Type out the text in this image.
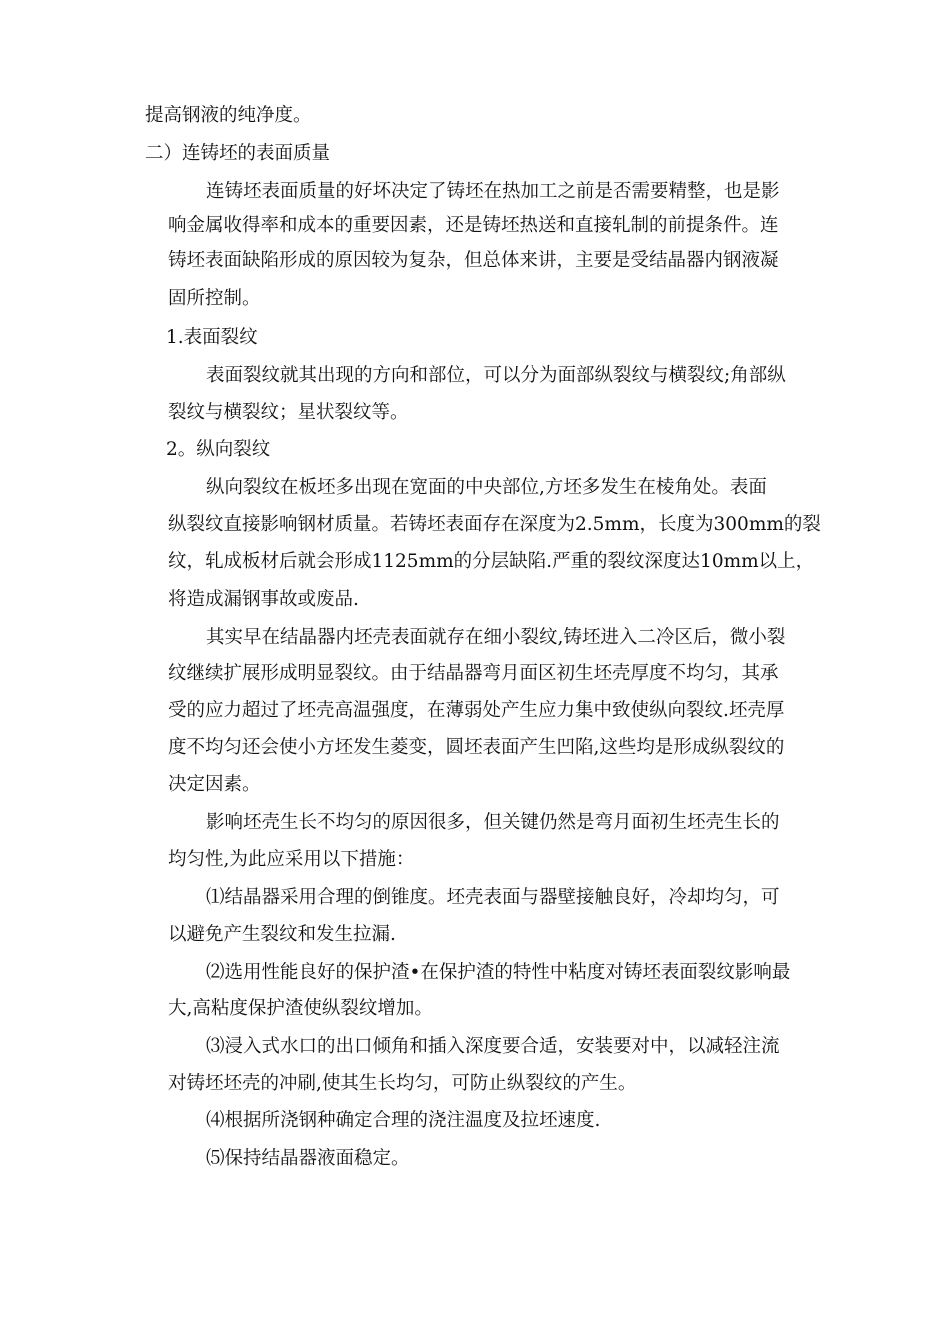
提高钢液的纯净度。
二）连铸坯的表面质量
连铸坯表面质量的好坏决定了铸坯在热加工之前是否需要精整，也是影
响金属收得率和成本的重要因素，还是铸坯热送和直接轧制的前提条件。连
铸坯表面缺陷形成的原因较为复杂，但总体来讲，主要是受结晶器内钢液凝
固所控制。
1.表面裂纹
表面裂纹就其出现的方向和部位，可以分为面部纵裂纹与横裂纹;角部纵
裂纹与横裂纹；星状裂纹等。
2。纵向裂纹
纵向裂纹在板坯多出现在宽面的中央部位,方坯多发生在棱角处。表面
纵裂纹直接影响钢材质量。若铸坯表面存在深度为2.5mm，长度为300mm的裂
纹，轧成板材后就会形成1125mm的分层缺陷.严重的裂纹深度达10mm以上，
将造成漏钢事故或废品.
其实早在结晶器内坯壳表面就存在细小裂纹,铸坯进入二冷区后，微小裂
纹继续扩展形成明显裂纹。由于结晶器弯月面区初生坯壳厚度不均匀，其承
受的应力超过了坯壳高温强度，在薄弱处产生应力集中致使纵向裂纹.坯壳厚
度不均匀还会使小方坯发生菱变，圆坯表面产生凹陷,这些均是形成纵裂纹的
决定因素。
影响坯壳生长不均匀的原因很多，但关键仍然是弯月面初生坯壳生长的
均匀性,为此应采用以下措施：
⑴结晶器采用合理的倒锥度。坯壳表面与器壁接触良好，冷却均匀，可
以避免产生裂纹和发生拉漏.
⑵选用性能良好的保护渣•在保护渣的特性中粘度对铸坯表面裂纹影响最
大,高粘度保护渣使纵裂纹增加。
⑶浸入式水口的出口倾角和插入深度要合适，安装要对中，以减轻注流
对铸坯坯壳的冲刷,使其生长均匀，可防止纵裂纹的产生。
⑷根据所浇钢种确定合理的浇注温度及拉坯速度.
⑸保持结晶器液面稳定。
